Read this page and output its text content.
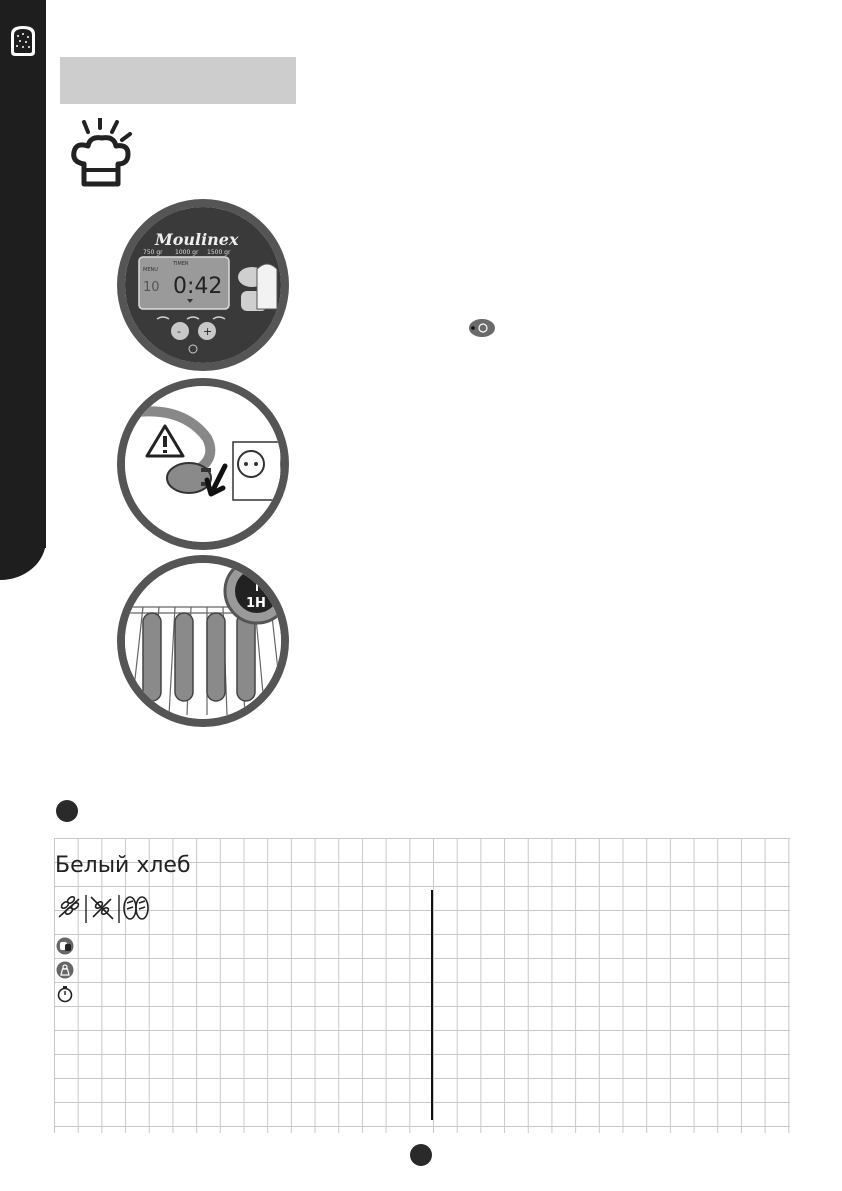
Moulinex
750 gr 1000 gr 1500 gr
MENU
TIMER
10 0:42
- +
1H
Белый хлеб
